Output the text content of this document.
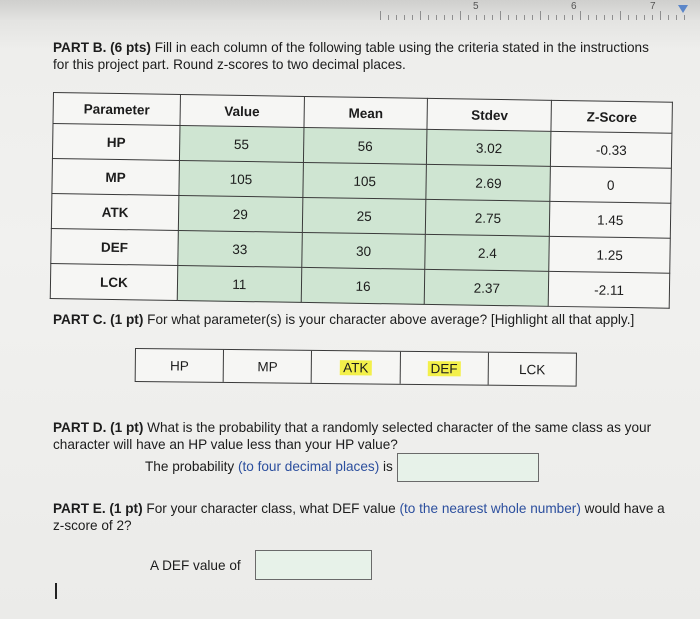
5	6	7
PART B. (6 pts) Fill in each column of the following table using the criteria stated in the instructions
for this project part. Round z-scores to two decimal places.
Parameter	Value	Mean	Stdev	Z-Score
HP	55	56	3.02	-0.33
MP	105	105	2.69	0
ATK	29	25	2.75	1.45
DEF	33	30	2.4	1.25
LCK	11	16	2.37	-2.11
PART C. (1 pt) For what parameter(s) is your character above average? [Highlight all that apply.]
HP	MP	ATK	DEF	LCK
PART D. (1 pt) What is the probability that a randomly selected character of the same class as your
character will have an HP value less than your HP value?
The probability (to four decimal places) is
PART E. (1 pt) For your character class, what DEF value (to the nearest whole number) would have a
z-score of 2?
A DEF value of
